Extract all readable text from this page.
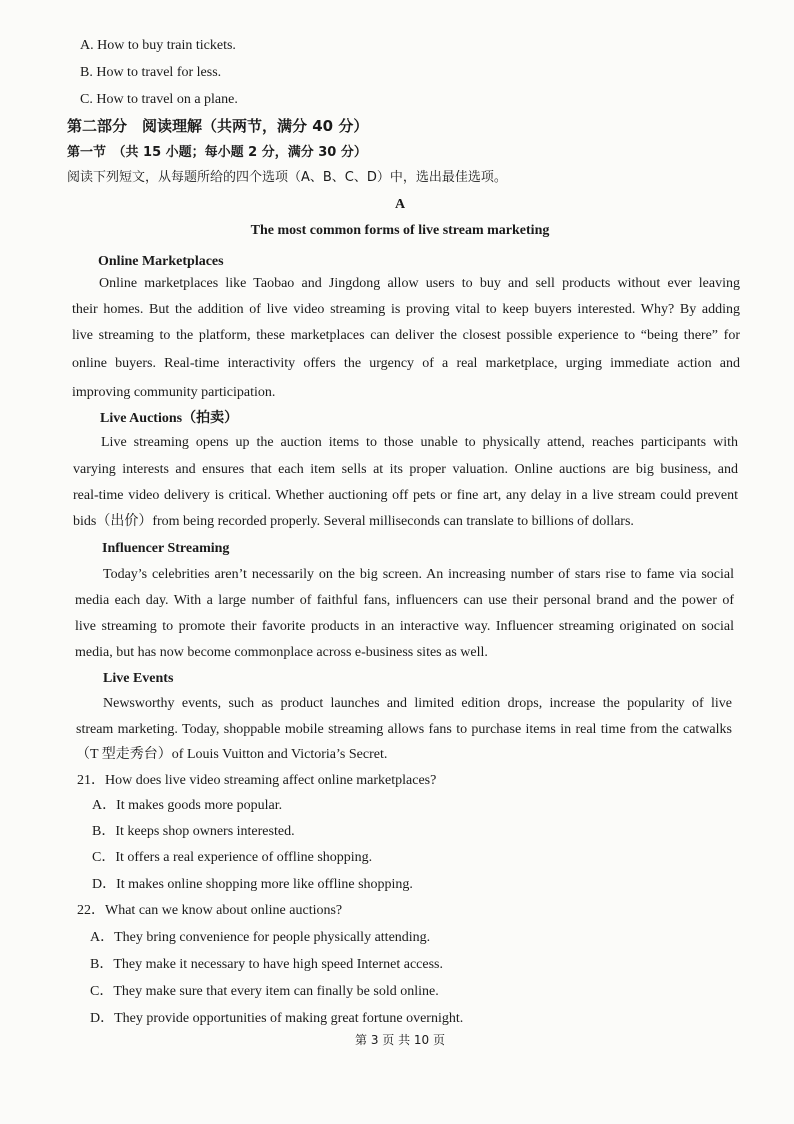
A. How to buy train tickets.
B. How to travel for less.
C. How to travel on a plane.
第二部分　阅读理解（共两节，满分 40 分）
第一节　（共 15 小题；每小题 2 分，满分 30 分）
阅读下列短文，从每题所给的四个选项（A、B、C、D）中，选出最佳选项。
A
The most common forms of live stream marketing
Online Marketplaces
Online marketplaces like Taobao and Jingdong allow users to buy and sell products without ever leaving
their homes. But the addition of live video streaming is proving vital to keep buyers interested. Why? By adding
live streaming to the platform, these marketplaces can deliver the closest possible experience to “being there” for
online buyers. Real-time interactivity offers the urgency of a real marketplace, urging immediate action and
improving community participation.
Live Auctions（拍卖）
Live streaming opens up the auction items to those unable to physically attend, reaches participants with
varying interests and ensures that each item sells at its proper valuation. Online auctions are big business, and
real-time video delivery is critical. Whether auctioning off pets or fine art, any delay in a live stream could prevent
bids（出价）from being recorded properly. Several milliseconds can translate to billions of dollars.
Influencer Streaming
Today’s celebrities aren’t necessarily on the big screen. An increasing number of stars rise to fame via social
media each day. With a large number of faithful fans, influencers can use their personal brand and the power of
live streaming to promote their favorite products in an interactive way. Influencer streaming originated on social
media, but has now become commonplace across e-business sites as well.
Live Events
Newsworthy events, such as product launches and limited edition drops, increase the popularity of live
stream marketing. Today, shoppable mobile streaming allows fans to purchase items in real time from the catwalks
（T 型走秀台）of Louis Vuitton and Victoria’s Secret.
21．How does live video streaming affect online marketplaces?
A．It makes goods more popular.
B．It keeps shop owners interested.
C．It offers a real experience of offline shopping.
D．It makes online shopping more like offline shopping.
22．What can we know about online auctions?
A．They bring convenience for people physically attending.
B．They make it necessary to have high speed Internet access.
C．They make sure that every item can finally be sold online.
D．They provide opportunities of making great fortune overnight.
第 3 页 共 10 页
